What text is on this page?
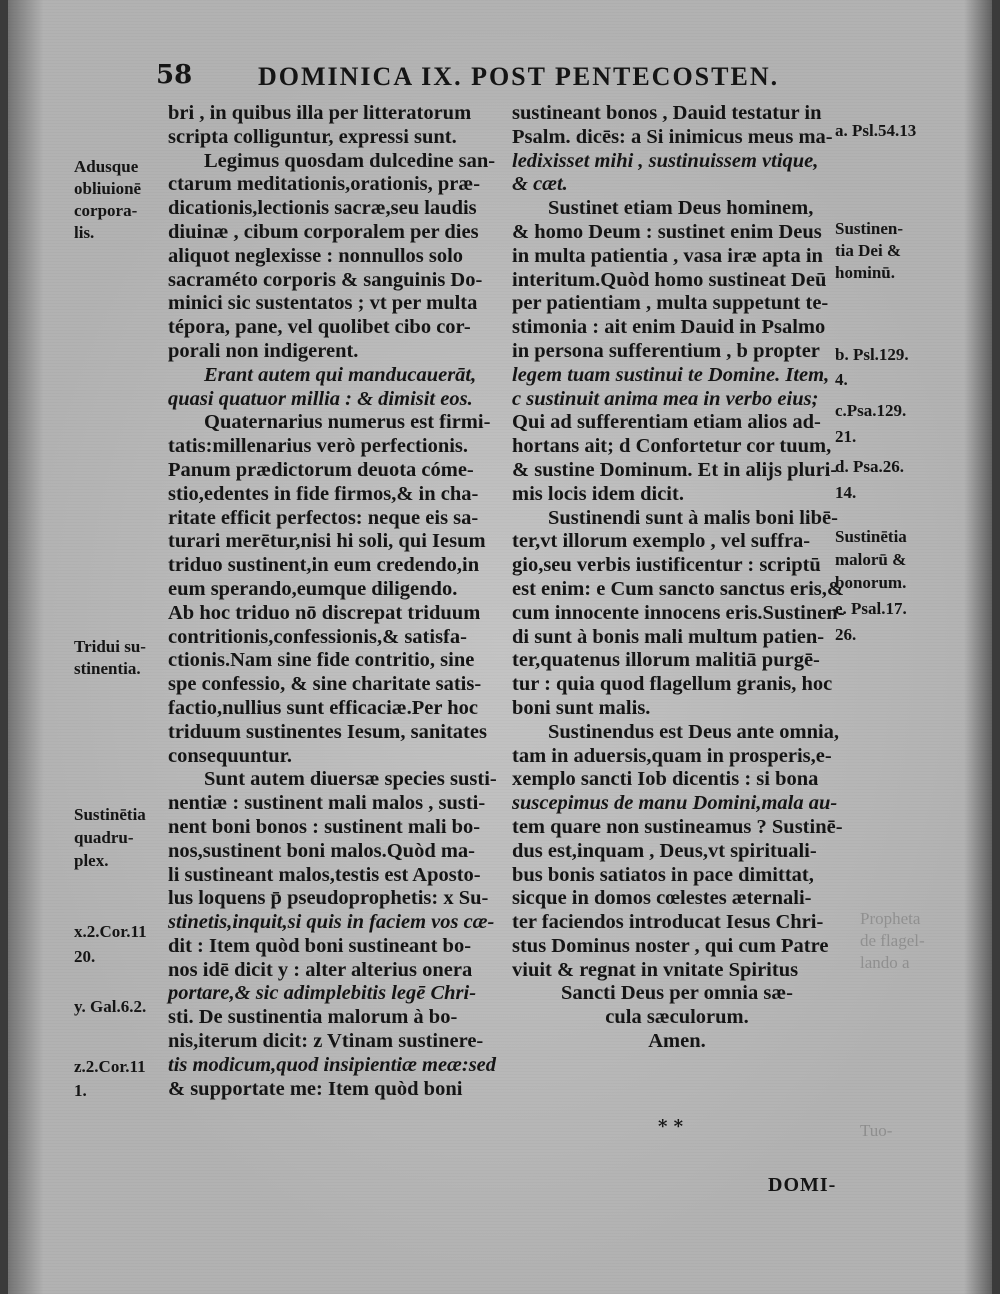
58	DOMINICA IX. POST PENTECOSTEN.
bri , in quibus illa per litteratorum
scripta colliguntur, expressi sunt.
Legimus quosdam dulcedine san-
ctarum meditationis,orationis, præ-
dicationis,lectionis sacræ,seu laudis
diuinæ , cibum corporalem per dies
aliquot neglexisse : nonnullos solo
sacraméto corporis & sanguinis Do-
minici sic sustentatos ; vt per multa
tépora, pane, vel quolibet cibo cor-
porali non indigerent.
Erant autem qui manducauerāt,
quasi quatuor millia : & dimisit eos.
Quaternarius numerus est firmi-
tatis:millenarius verò perfectionis.
Panum prædictorum deuota cóme-
stio,edentes in fide firmos,& in cha-
ritate efficit perfectos: neque eis sa-
turari merētur,nisi hi soli, qui Iesum
triduo sustinent,in eum credendo,in
eum sperando,eumque diligendo.
Ab hoc triduo nō discrepat triduum
contritionis,confessionis,& satisfa-
ctionis.Nam sine fide contritio, sine
spe confessio, & sine charitate satis-
factio,nullius sunt efficaciæ.Per hoc
triduum sustinentes Iesum, sanitates
consequuntur.
Sunt autem diuersæ species susti-
nentiæ : sustinent mali malos , susti-
nent boni bonos : sustinent mali bo-
nos,sustinent boni malos.Quòd ma-
li sustineant malos,testis est Aposto-
lus loquens p̄ pseudoprophetis: x Su-
stinetis,inquit,si quis in faciem vos cæ-
dit : Item quòd boni sustineant bo-
nos idē dicit y : alter alterius onera
portare,& sic adimplebitis legē Chri-
sti. De sustinentia malorum à bo-
nis,iterum dicit: z Vtinam sustinere-
tis modicum,quod insipientiæ meæ:sed
& supportate me: Item quòd boni
sustineant bonos , Dauid testatur in
Psalm. dicēs: a Si inimicus meus ma-
ledixisset mihi , sustinuissem vtique,
& cæt.
Sustinet etiam Deus hominem,
& homo Deum : sustinet enim Deus
in multa patientia , vasa iræ apta in
interitum.Quòd homo sustineat Deū
per patientiam , multa suppetunt te-
stimonia : ait enim Dauid in Psalmo
in persona sufferentium , b propter
legem tuam sustinui te Domine. Item,
c sustinuit anima mea in verbo eius;
Qui ad sufferentiam etiam alios ad-
hortans ait; d Confortetur cor tuum,
& sustine Dominum. Et in alijs pluri-
mis locis idem dicit.
Sustinendi sunt à malis boni libē-
ter,vt illorum exemplo , vel suffra-
gio,seu verbis iustificentur : scriptū
est enim: e Cum sancto sanctus eris,&
cum innocente innocens eris.Sustinen-
di sunt à bonis mali multum patien-
ter,quatenus illorum malitiā purgē-
tur : quia quod flagellum granis, hoc
boni sunt malis.
Sustinendus est Deus ante omnia,
tam in aduersis,quam in prosperis,e-
xemplo sancti Iob dicentis : si bona
suscepimus de manu Domini,mala au-
tem quare non sustineamus ? Sustinē-
dus est,inquam , Deus,vt spirituali-
bus bonis satiatos in pace dimittat,
sicque in domos cœlestes æternali-
ter faciendos introducat Iesus Chri-
stus Dominus noster , qui cum Patre
viuit & regnat in vnitate Spiritus
Sancti Deus per omnia sæ-
cula sæculorum.
Amen.
Adusque
obliuionē
corpora-
lis.
Tridui su-
stinentia.
Sustinētia
quadru-
plex.
x.2.Cor.11
20.
y. Gal.6.2.
z.2.Cor.11
1.
a. Psl.54.13
Sustinen-
tia Dei &
hominū.
b. Psl.129.
4.
c.Psa.129.
21.
d. Psa.26.
14.
Sustinētia
malorū &
bonorum.
e. Psal.17.
26.
* *
DOMI-
Propheta
de flagel-
lando a
Tuo-
